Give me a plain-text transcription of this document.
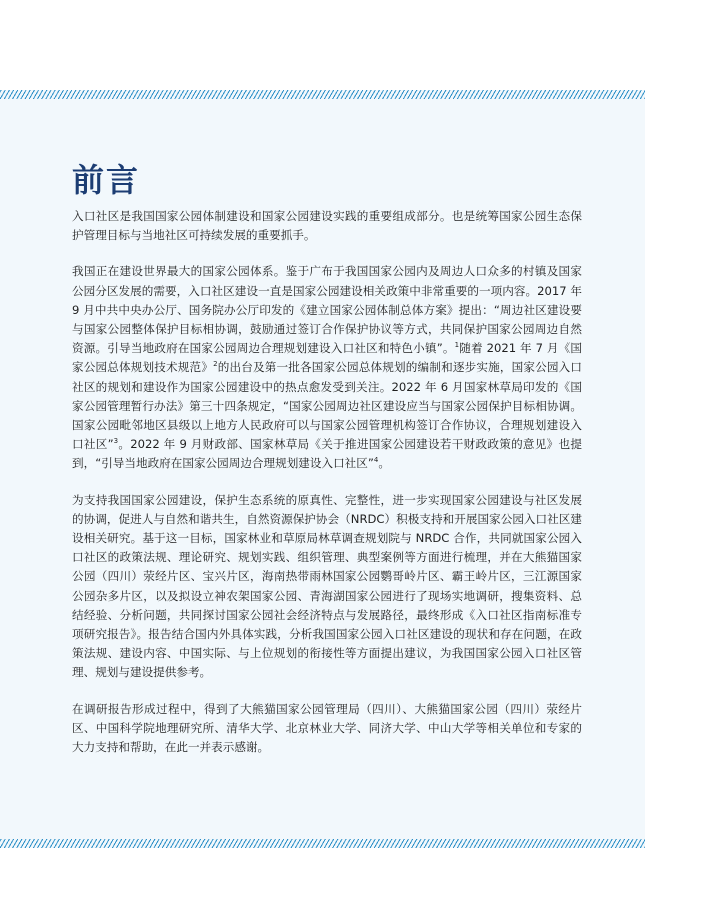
前言

入口社区是我国国家公园体制建设和国家公园建设实践的重要组成部分。也是统筹国家公园生态保护管理目标与当地社区可持续发展的重要抓手。

我国正在建设世界最大的国家公园体系。鉴于广布于我国国家公园内及周边人口众多的村镇及国家公园分区发展的需要，入口社区建设一直是国家公园建设相关政策中非常重要的一项内容。2017 年 9 月中共中央办公厅、国务院办公厅印发的《建立国家公园体制总体方案》提出：“周边社区建设要与国家公园整体保护目标相协调，鼓励通过签订合作保护协议等方式，共同保护国家公园周边自然资源。引导当地政府在国家公园周边合理规划建设入口社区和特色小镇”。$^1$随着 2021 年 7 月《国家公园总体规划技术规范》$^2$的出台及第一批各国家公园总体规划的编制和逐步实施，国家公园入口社区的规划和建设作为国家公园建设中的热点愈发受到关注。2022 年 6 月国家林草局印发的《国家公园管理暂行办法》第三十四条规定，“国家公园周边社区建设应当与国家公园保护目标相协调。国家公园毗邻地区县级以上地方人民政府可以与国家公园管理机构签订合作协议，合理规划建设入口社区”$^3$。2022 年 9 月财政部、国家林草局《关于推进国家公园建设若干财政政策的意见》也提到，“引导当地政府在国家公园周边合理规划建设入口社区”$^4$。

为支持我国国家公园建设，保护生态系统的原真性、完整性，进一步实现国家公园建设与社区发展的协调，促进人与自然和谐共生，自然资源保护协会（NRDC）积极支持和开展国家公园入口社区建设相关研究。基于这一目标，国家林业和草原局林草调查规划院与 NRDC 合作，共同就国家公园入口社区的政策法规、理论研究、规划实践、组织管理、典型案例等方面进行梳理，并在大熊猫国家公园（四川）荥经片区、宝兴片区，海南热带雨林国家公园鹦哥岭片区、霸王岭片区，三江源国家公园杂多片区，以及拟设立神农架国家公园、青海湖国家公园进行了现场实地调研，搜集资料、总结经验、分析问题，共同探讨国家公园社会经济特点与发展路径，最终形成《入口社区指南标准专项研究报告》。报告结合国内外具体实践，分析我国国家公园入口社区建设的现状和存在问题，在政策法规、建设内容、中国实际、与上位规划的衔接性等方面提出建议，为我国国家公园入口社区管理、规划与建设提供参考。

在调研报告形成过程中，得到了大熊猫国家公园管理局（四川）、大熊猫国家公园（四川）荥经片区、中国科学院地理研究所、清华大学、北京林业大学、同济大学、中山大学等相关单位和专家的大力支持和帮助，在此一并表示感谢。
